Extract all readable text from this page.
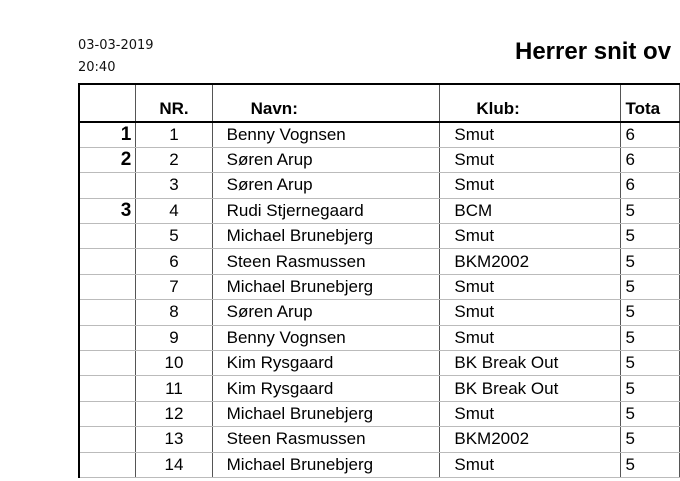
03-03-2019
20:40
Herrer snit ov
	NR.	Navn:	Klub:	Tota
1	1	Benny Vognsen	Smut	6
2	2	Søren Arup	Smut	6
	3	Søren Arup	Smut	6
3	4	Rudi Stjernegaard	BCM	5
	5	Michael Brunebjerg	Smut	5
	6	Steen Rasmussen	BKM2002	5
	7	Michael Brunebjerg	Smut	5
	8	Søren Arup	Smut	5
	9	Benny Vognsen	Smut	5
	10	Kim Rysgaard	BK Break Out	5
	11	Kim Rysgaard	BK Break Out	5
	12	Michael Brunebjerg	Smut	5
	13	Steen Rasmussen	BKM2002	5
	14	Michael Brunebjerg	Smut	5
